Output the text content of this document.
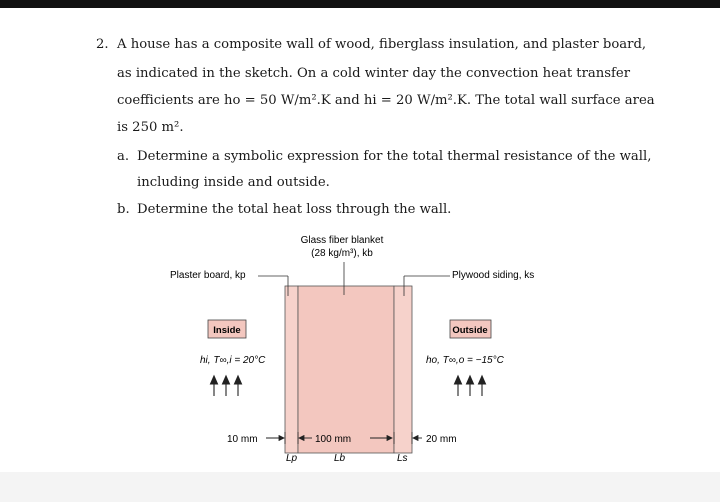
2. A house has a composite wall of wood, fiberglass insulation, and plaster board,
as indicated in the sketch. On a cold winter day the convection heat transfer
coefficients are ho = 50 W/m².K and hi = 20 W/m².K. The total wall surface area
is 250 m².
a. Determine a symbolic expression for the total thermal resistance of the wall,
including inside and outside.
b. Determine the total heat loss through the wall.
Glass fiber blanket
(28 kg/m³), kb
Plaster board, kp	Plywood siding, ks
Inside	Outside
hi, T∞,i = 20°C	ho, T∞,o = −15°C
10 mm	100 mm	20 mm
Lp	Lb	Ls
